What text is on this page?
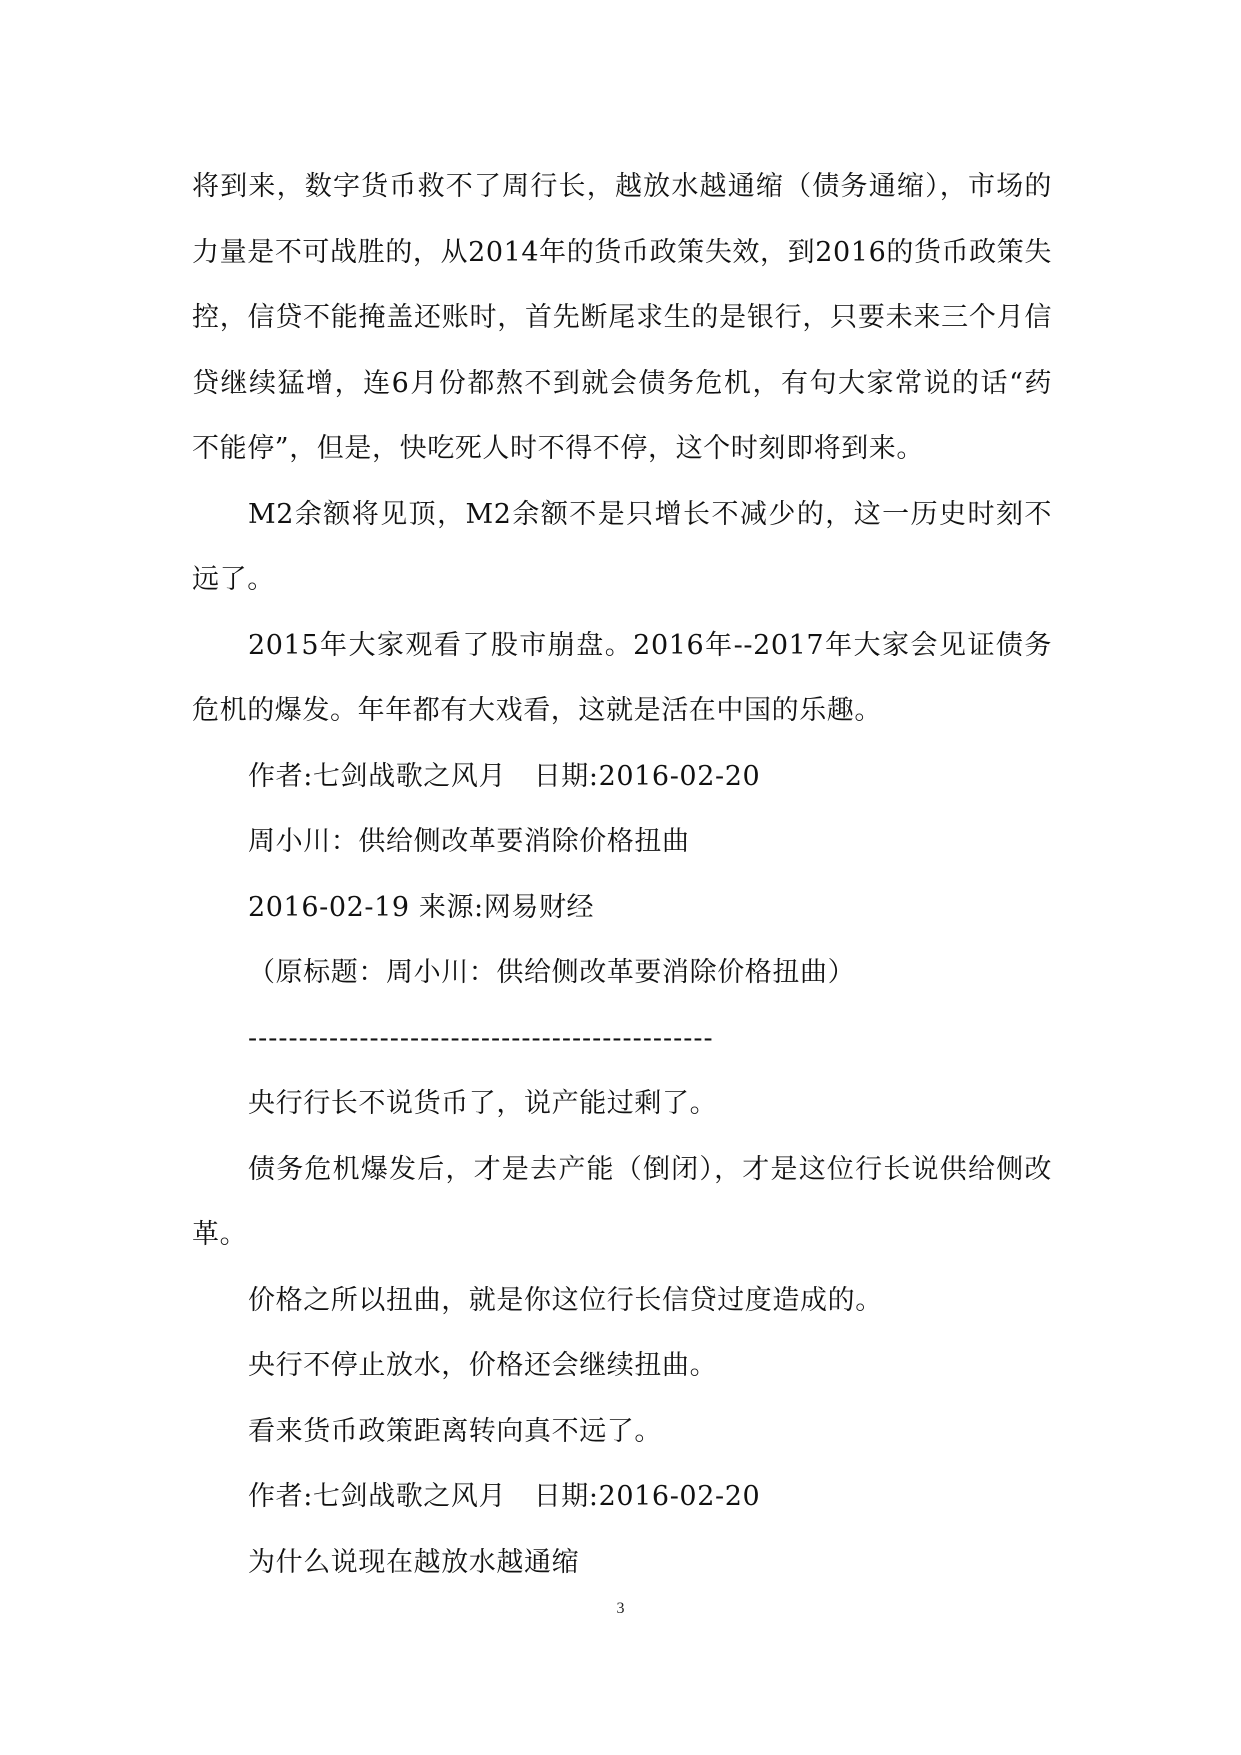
将到来，数字货币救不了周行长，越放水越通缩（债务通缩），市场的力量是不可战胜的，从2014年的货币政策失效，到2016的货币政策失控，信贷不能掩盖还账时，首先断尾求生的是银行，只要未来三个月信贷继续猛增，连6月份都熬不到就会债务危机，有句大家常说的话“药不能停”，但是，快吃死人时不得不停，这个时刻即将到来。

M2余额将见顶，M2余额不是只增长不减少的，这一历史时刻不远了。

2015年大家观看了股市崩盘。2016年--2017年大家会见证债务危机的爆发。年年都有大戏看，这就是活在中国的乐趣。

作者:七剑战歌之风月　日期:2016-02-20

周小川：供给侧改革要消除价格扭曲

2016-02-19 来源:网易财经

（原标题：周小川：供给侧改革要消除价格扭曲）

----------------------------------------------

央行行长不说货币了，说产能过剩了。

债务危机爆发后，才是去产能（倒闭），才是这位行长说供给侧改革。

价格之所以扭曲，就是你这位行长信贷过度造成的。

央行不停止放水，价格还会继续扭曲。

看来货币政策距离转向真不远了。

作者:七剑战歌之风月　日期:2016-02-20

为什么说现在越放水越通缩

3
